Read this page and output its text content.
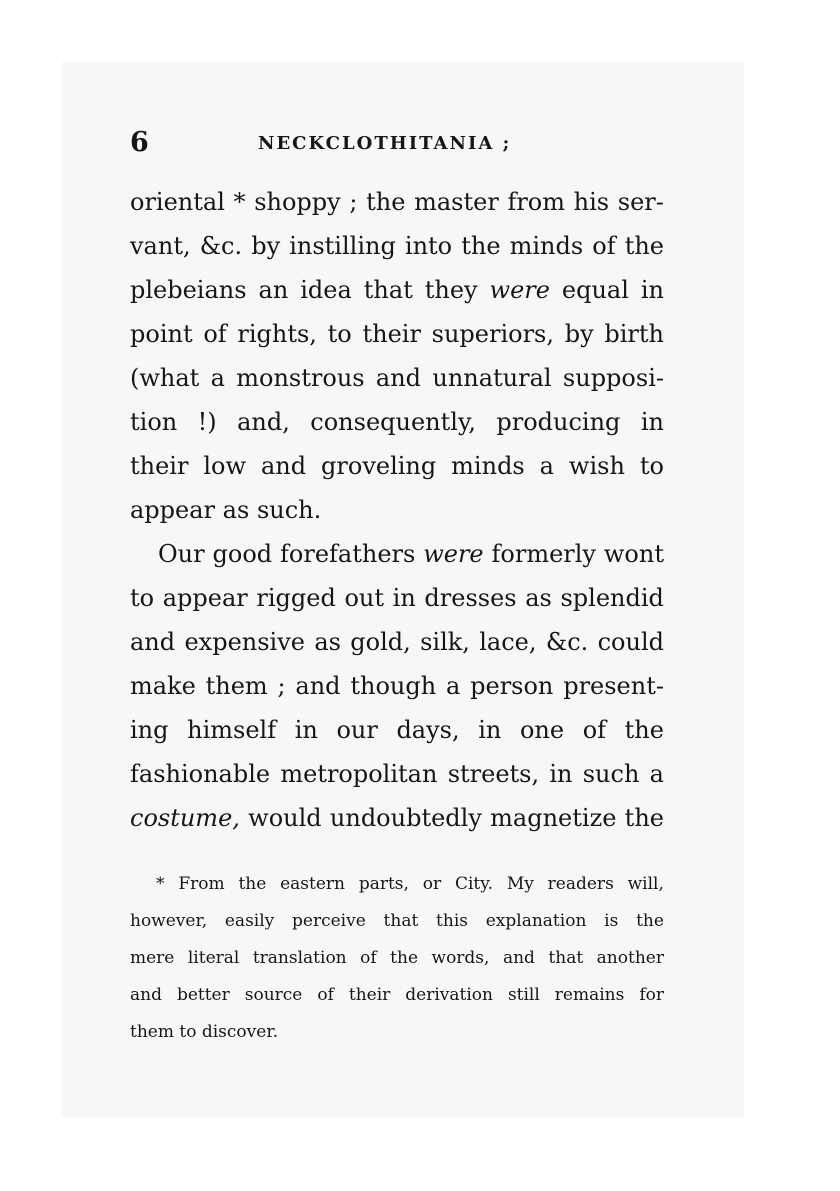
6	NECKCLOTHITANIA ;
oriental * shoppy ; the master from his ser-
vant, &c. by instilling into the minds of the
plebeians an idea that they were equal in
point of rights, to their superiors, by birth
(what a monstrous and unnatural supposi-
tion !) and, consequently, producing in
their low and groveling minds a wish to
appear
as
such.
Our good forefathers were formerly wont
to appear rigged out in dresses as splendid
and expensive as gold, silk, lace, &c. could
make them ; and though a person present-
ing himself in our days, in one of the
fashionable metropolitan streets, in such a
costume, would undoubtedly magnetize the
* From the eastern parts, or City. My readers will,
however, easily perceive that this explanation is the
mere literal translation of the words, and that another
and better source of their derivation still remains for
them
to
discover.
